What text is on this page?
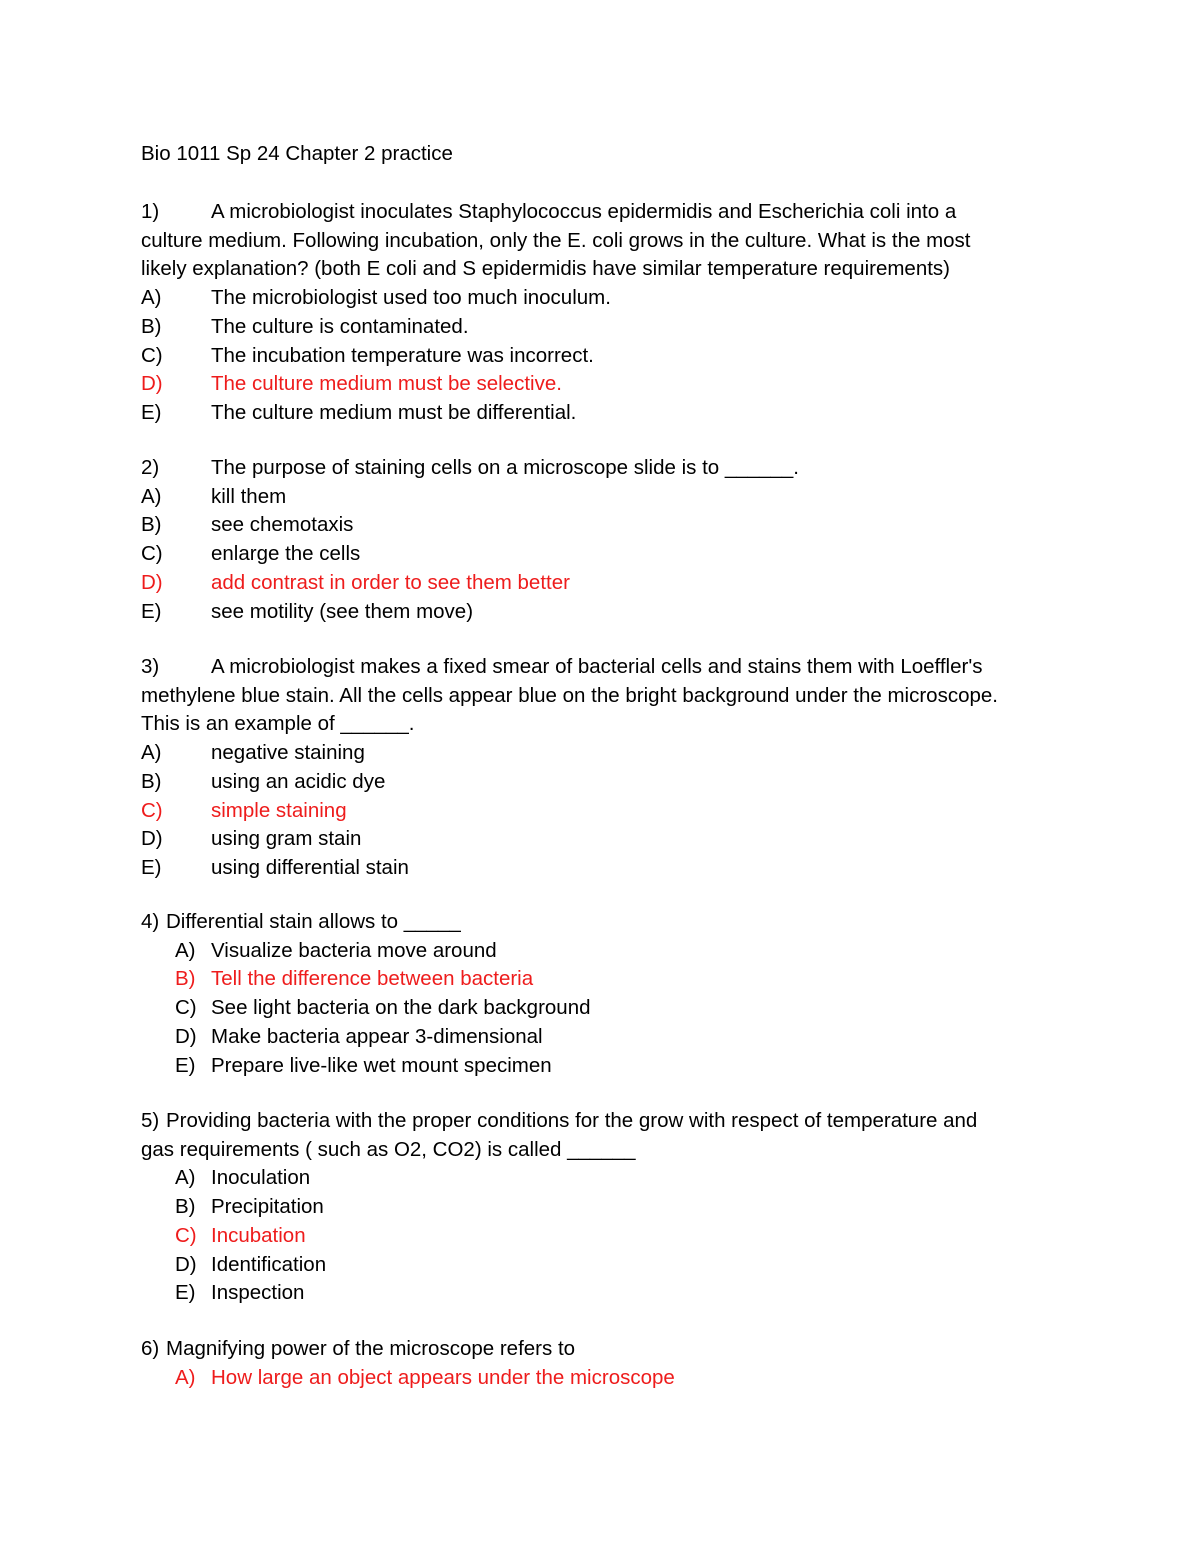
Bio 1011 Sp 24 Chapter 2 practice
1)	A microbiologist inoculates Staphylococcus epidermidis and Escherichia coli into a
culture medium. Following incubation, only the E. coli grows in the culture. What is the most
likely explanation? (both E coli and S epidermidis have similar temperature requirements)
A) The microbiologist used too much inoculum.
B) The culture is contaminated.
C) The incubation temperature was incorrect.
D) The culture medium must be selective.
E) The culture medium must be differential.
2)	The purpose of staining cells on a microscope slide is to ______.
A) kill them
B) see chemotaxis
C) enlarge the cells
D) add contrast in order to see them better
E) see motility (see them move)
3)	A microbiologist makes a fixed smear of bacterial cells and stains them with Loeffler's
methylene blue stain. All the cells appear blue on the bright background under the microscope.
This is an example of ______.
A) negative staining
B) using an acidic dye
C) simple staining
D) using gram stain
E) using differential stain
4) Differential stain allows to _____
A) Visualize bacteria move around
B) Tell the difference between bacteria
C) See light bacteria on the dark background
D) Make bacteria appear 3-dimensional
E) Prepare live-like wet mount specimen
5) Providing bacteria with the proper conditions for the grow with respect of temperature and
gas requirements ( such as O2, CO2) is called ______
A) Inoculation
B) Precipitation
C) Incubation
D) Identification
E) Inspection
6) Magnifying power of the microscope refers to
A) How large an object appears under the microscope
